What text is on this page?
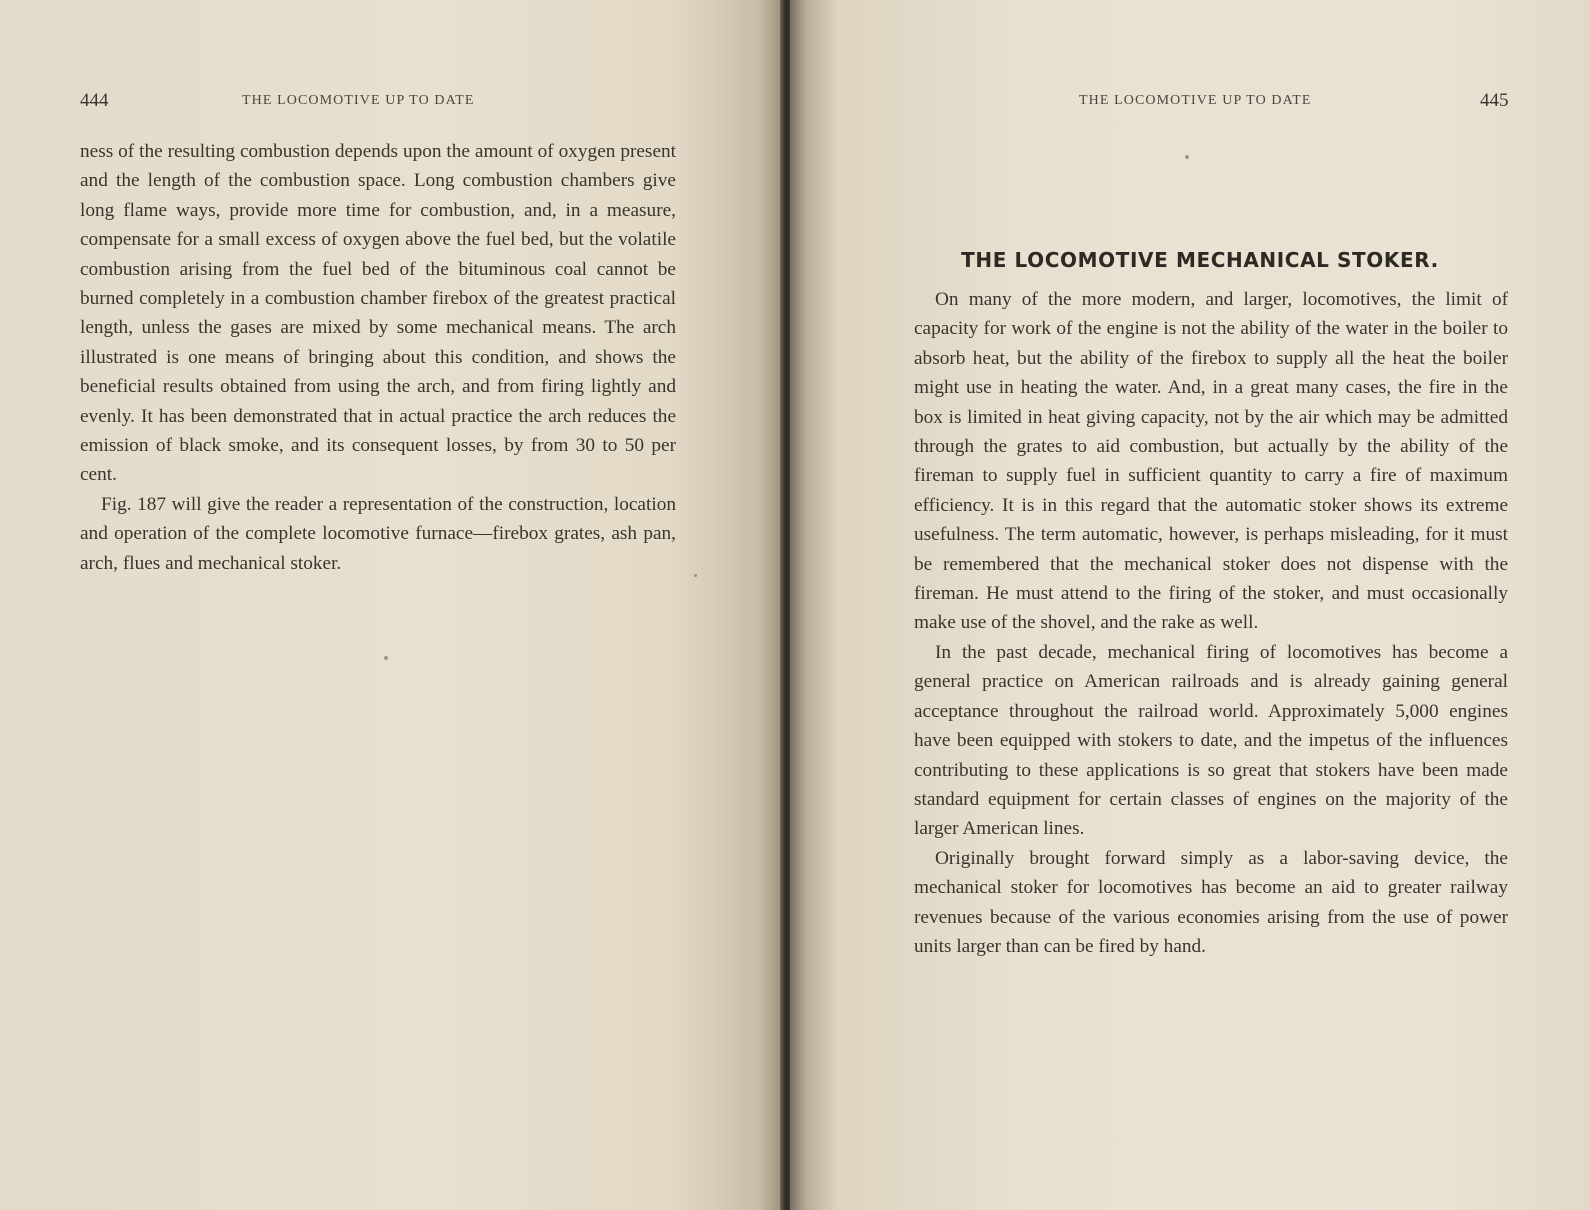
444	THE LOCOMOTIVE UP TO DATE

ness of the resulting combustion depends upon the amount of oxygen present and the length of the combustion space. Long combustion chambers give long flame ways, provide more time for combustion, and, in a measure, compensate for a small excess of oxygen above the fuel bed, but the volatile combustion arising from the fuel bed of the bituminous coal cannot be burned completely in a combustion chamber firebox of the greatest practical length, unless the gases are mixed by some mechanical means. The arch illustrated is one means of bringing about this condition, and shows the beneficial results obtained from using the arch, and from firing lightly and evenly. It has been demonstrated that in actual practice the arch reduces the emission of black smoke, and its consequent losses, by from 30 to 50 per cent.

Fig. 187 will give the reader a representation of the construction, location and operation of the complete locomotive furnace—firebox grates, ash pan, arch, flues and mechanical stoker.

THE LOCOMOTIVE UP TO DATE	445
THE LOCOMOTIVE MECHANICAL STOKER.

On many of the more modern, and larger, locomotives, the limit of capacity for work of the engine is not the ability of the water in the boiler to absorb heat, but the ability of the firebox to supply all the heat the boiler might use in heating the water. And, in a great many cases, the fire in the box is limited in heat giving capacity, not by the air which may be admitted through the grates to aid combustion, but actually by the ability of the fireman to supply fuel in sufficient quantity to carry a fire of maximum efficiency. It is in this regard that the automatic stoker shows its extreme usefulness. The term automatic, however, is perhaps misleading, for it must be remembered that the mechanical stoker does not dispense with the fireman. He must attend to the firing of the stoker, and must occasionally make use of the shovel, and the rake as well.

In the past decade, mechanical firing of locomotives has become a general practice on American railroads and is already gaining general acceptance throughout the railroad world. Approximately 5,000 engines have been equipped with stokers to date, and the impetus of the influences contributing to these applications is so great that stokers have been made standard equipment for certain classes of engines on the majority of the larger American lines.

Originally brought forward simply as a labor-saving device, the mechanical stoker for locomotives has become an aid to greater railway revenues because of the various economies arising from the use of power units larger than can be fired by hand.
